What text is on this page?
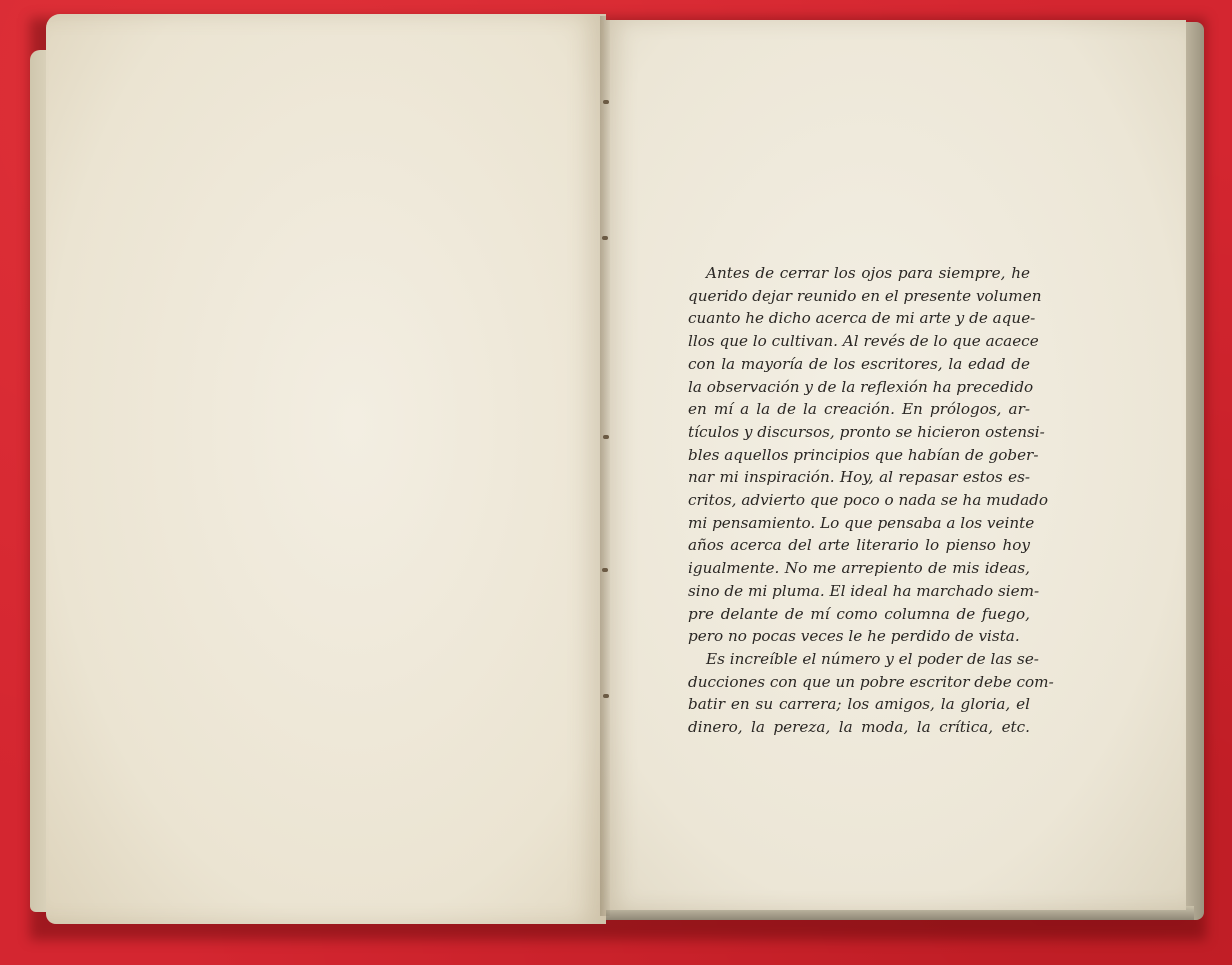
Antes de cerrar los ojos para siempre, he
querido dejar reunido en el presente volumen
cuanto he dicho acerca de mi arte y de aque-
llos que lo cultivan. Al revés de lo que acaece
con la mayoría de los escritores, la edad de
la observación y de la reflexión ha precedido
en mí a la de la creación. En prólogos, ar-
tículos y discursos, pronto se hicieron ostensi-
bles aquellos principios que habían de gober-
nar mi inspiración. Hoy, al repasar estos es-
critos, advierto que poco o nada se ha mudado
mi pensamiento. Lo que pensaba a los veinte
años acerca del arte literario lo pienso hoy
igualmente. No me arrepiento de mis ideas,
sino de mi pluma. El ideal ha marchado siem-
pre delante de mí como columna de fuego,
pero no pocas veces le he perdido de vista.
Es increíble el número y el poder de las se-
ducciones con que un pobre escritor debe com-
batir en su carrera; los amigos, la gloria, el
dinero, la pereza, la moda, la crítica, etc.
